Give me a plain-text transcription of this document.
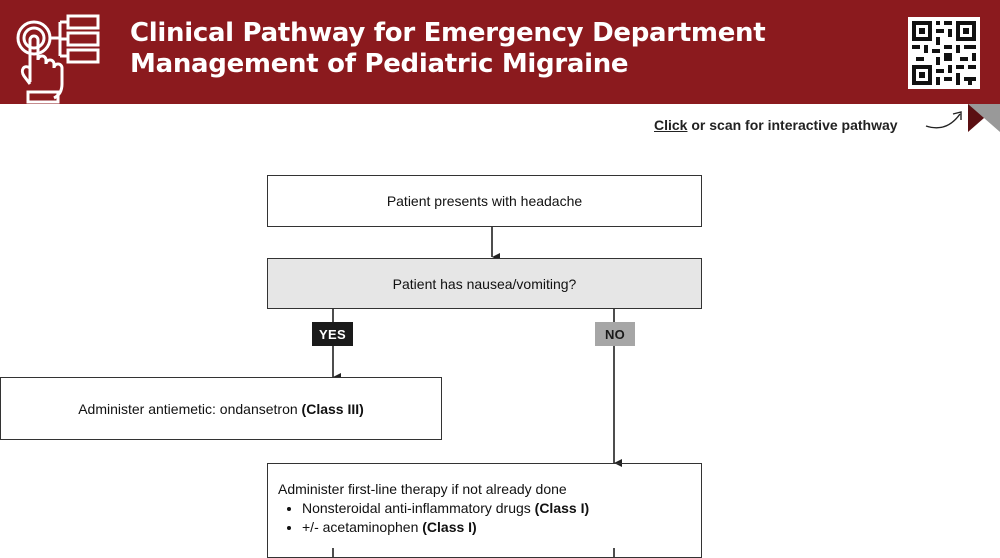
Clinical Pathway for Emergency Department
Management of Pediatric Migraine
Click or scan for interactive pathway
Patient presents with headache
Patient has nausea/vomiting?
YES	NO
Administer antiemetic: ondansetron (Class III)
Administer first-line therapy if not already done
• Nonsteroidal anti-inflammatory drugs (Class I)
• +/- acetaminophen (Class I)
